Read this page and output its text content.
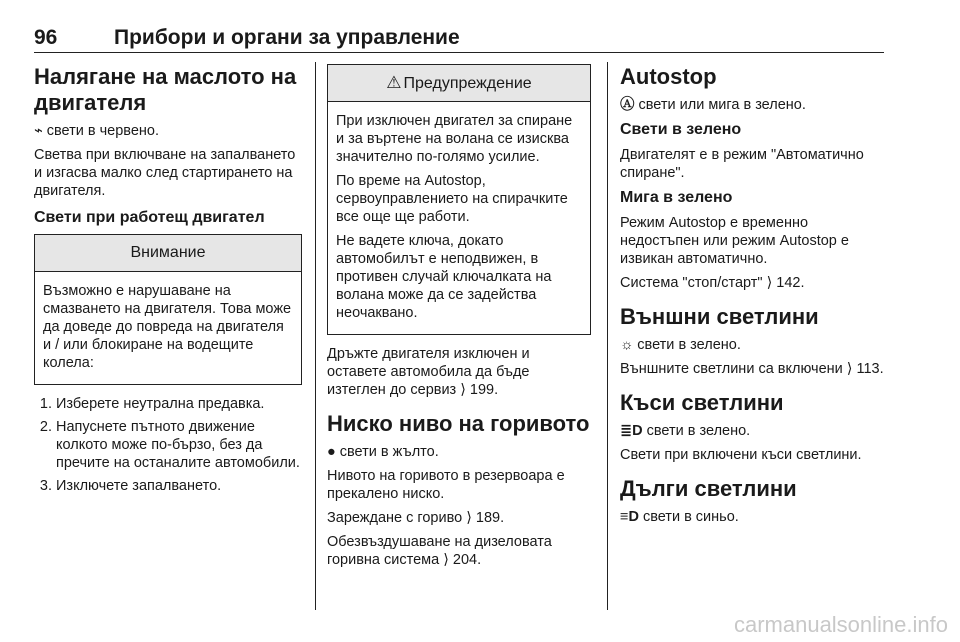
96	Прибори и органи за управление
Налягане на маслото на двигателя

⌁ свети в червено.

Светва при включване на запалването и изгасва малко след стартирането на двигателя.

Свети при работещ двигател
Внимание

Възможно е нарушаване на смазването на двигателя. Това може да доведе до повреда на двигателя и / или блокиране на водещите колела:

1. Изберете неутрална предавка.
2. Напуснете пътното движение колкото може по-бързо, без да пречите на останалите автомобили.
3. Изключете запалването.
⚠ Предупреждение

При изключен двигател за спиране и за въртене на волана се изисква значително по-голямо усилие.

По време на Autostop, сервоуправлението на спирачките все още ще работи.

Не вадете ключа, докато автомобилът е неподвижен, в противен случай ключалката на волана може да се задейства неочаквано.

Дръжте двигателя изключен и оставете автомобила да бъде изтеглен до сервиз ⟩ 199.

Ниско ниво на горивото

● свети в жълто.

Нивото на горивото в резервоара е прекалено ниско.

Зареждане с гориво ⟩ 189.

Обезвъздушаване на дизеловата горивна система ⟩ 204.

Autostop

Ⓐ свети или мига в зелено.

Свети в зелено

Двигателят е в режим "Автоматично спиране".

Мига в зелено

Режим Autostop е временно недостъпен или режим Autostop е извикан автоматично.

Система "стоп/старт" ⟩ 142.

Външни светлини

☼ свети в зелено.

Външните светлини са включени ⟩ 113.

Къси светлини

≣D свети в зелено.

Свети при включени къси светлини.

Дълги светлини

≡D свети в синьо.

carmanualsonline.info
